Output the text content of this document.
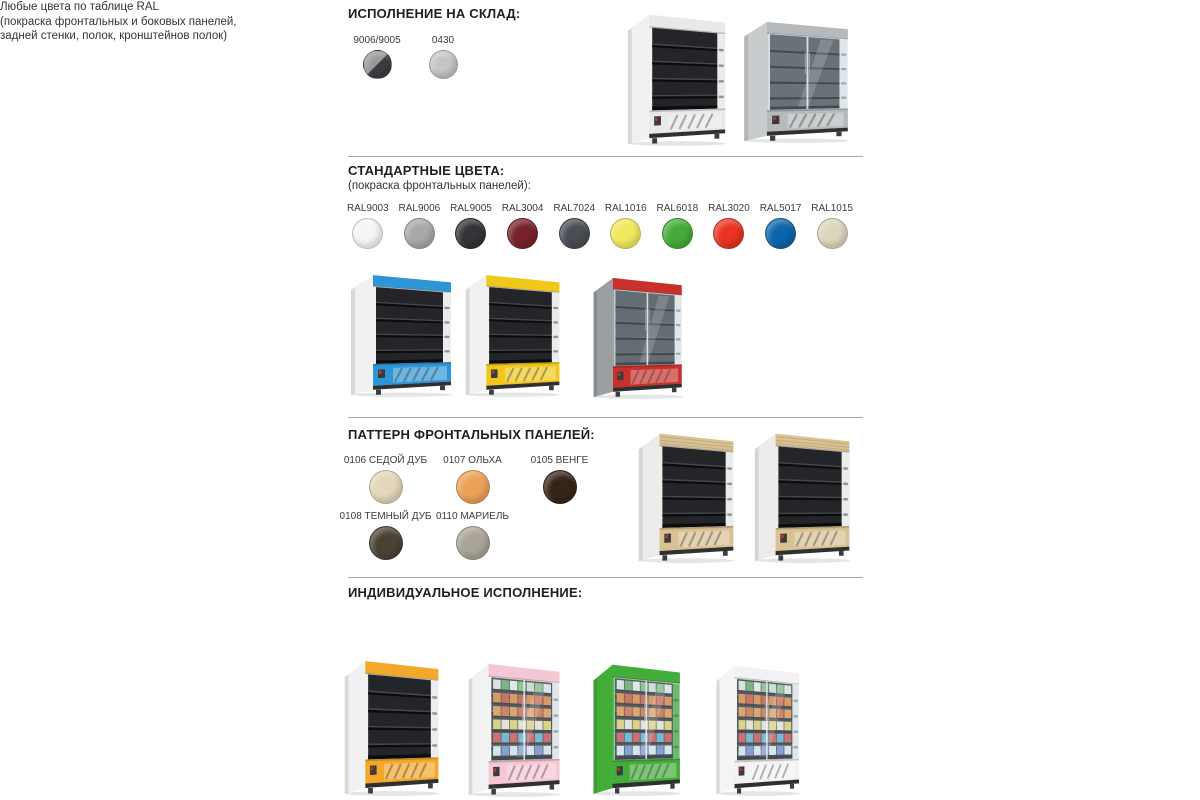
ИСПОЛНЕНИЕ НА СКЛАД:
9006/9005	0430
СТАНДАРТНЫЕ ЦВЕТА:
(покраска фронтальных панелей):
RAL9003 RAL9006 RAL9005 RAL3004 RAL7024 RAL1016 RAL6018 RAL3020 RAL5017 RAL1015
ПАТТЕРН ФРОНТАЛЬНЫХ ПАНЕЛЕЙ:
0106 СЕДОЙ ДУБ 0107 ОЛЬХА	0105 ВЕНГЕ
0108 ТЕМНЫЙ ДУБ 0110 МАРИЕЛЬ
ИНДИВИДУАЛЬНОЕ ИСПОЛНЕНИЕ:
Любые цвета по таблице RAL
(покраска фронтальных и боковых панелей,
задней стенки, полок, кронштейнов полок)
